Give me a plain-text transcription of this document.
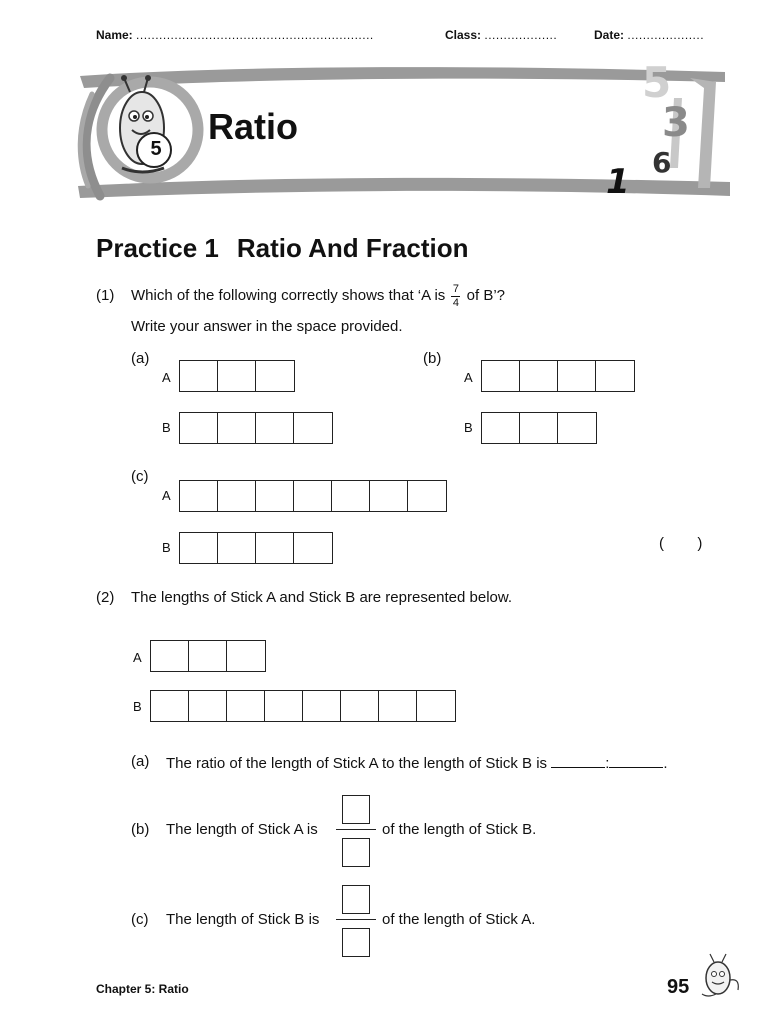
Name: ..............................................................	Class: ...................	Date: ....................
5
Ratio
5
3
6
1
Practice 1 Ratio And Fraction
(1) Which of the following correctly shows that ‘A is $\frac{7}{4}$ of B’?
Write your answer in the space provided.
(a)
A
B
(b)
A
B
(c)
A
B	(        )
(2) The lengths of Stick A and Stick B are represented below.
A
B
(a) The ratio of the length of Stick A to the length of Stick B is	:	.
(b) The length of Stick A is	of the length of Stick B.
(c) The length of Stick B is	of the length of Stick A.
Chapter 5: Ratio	95
